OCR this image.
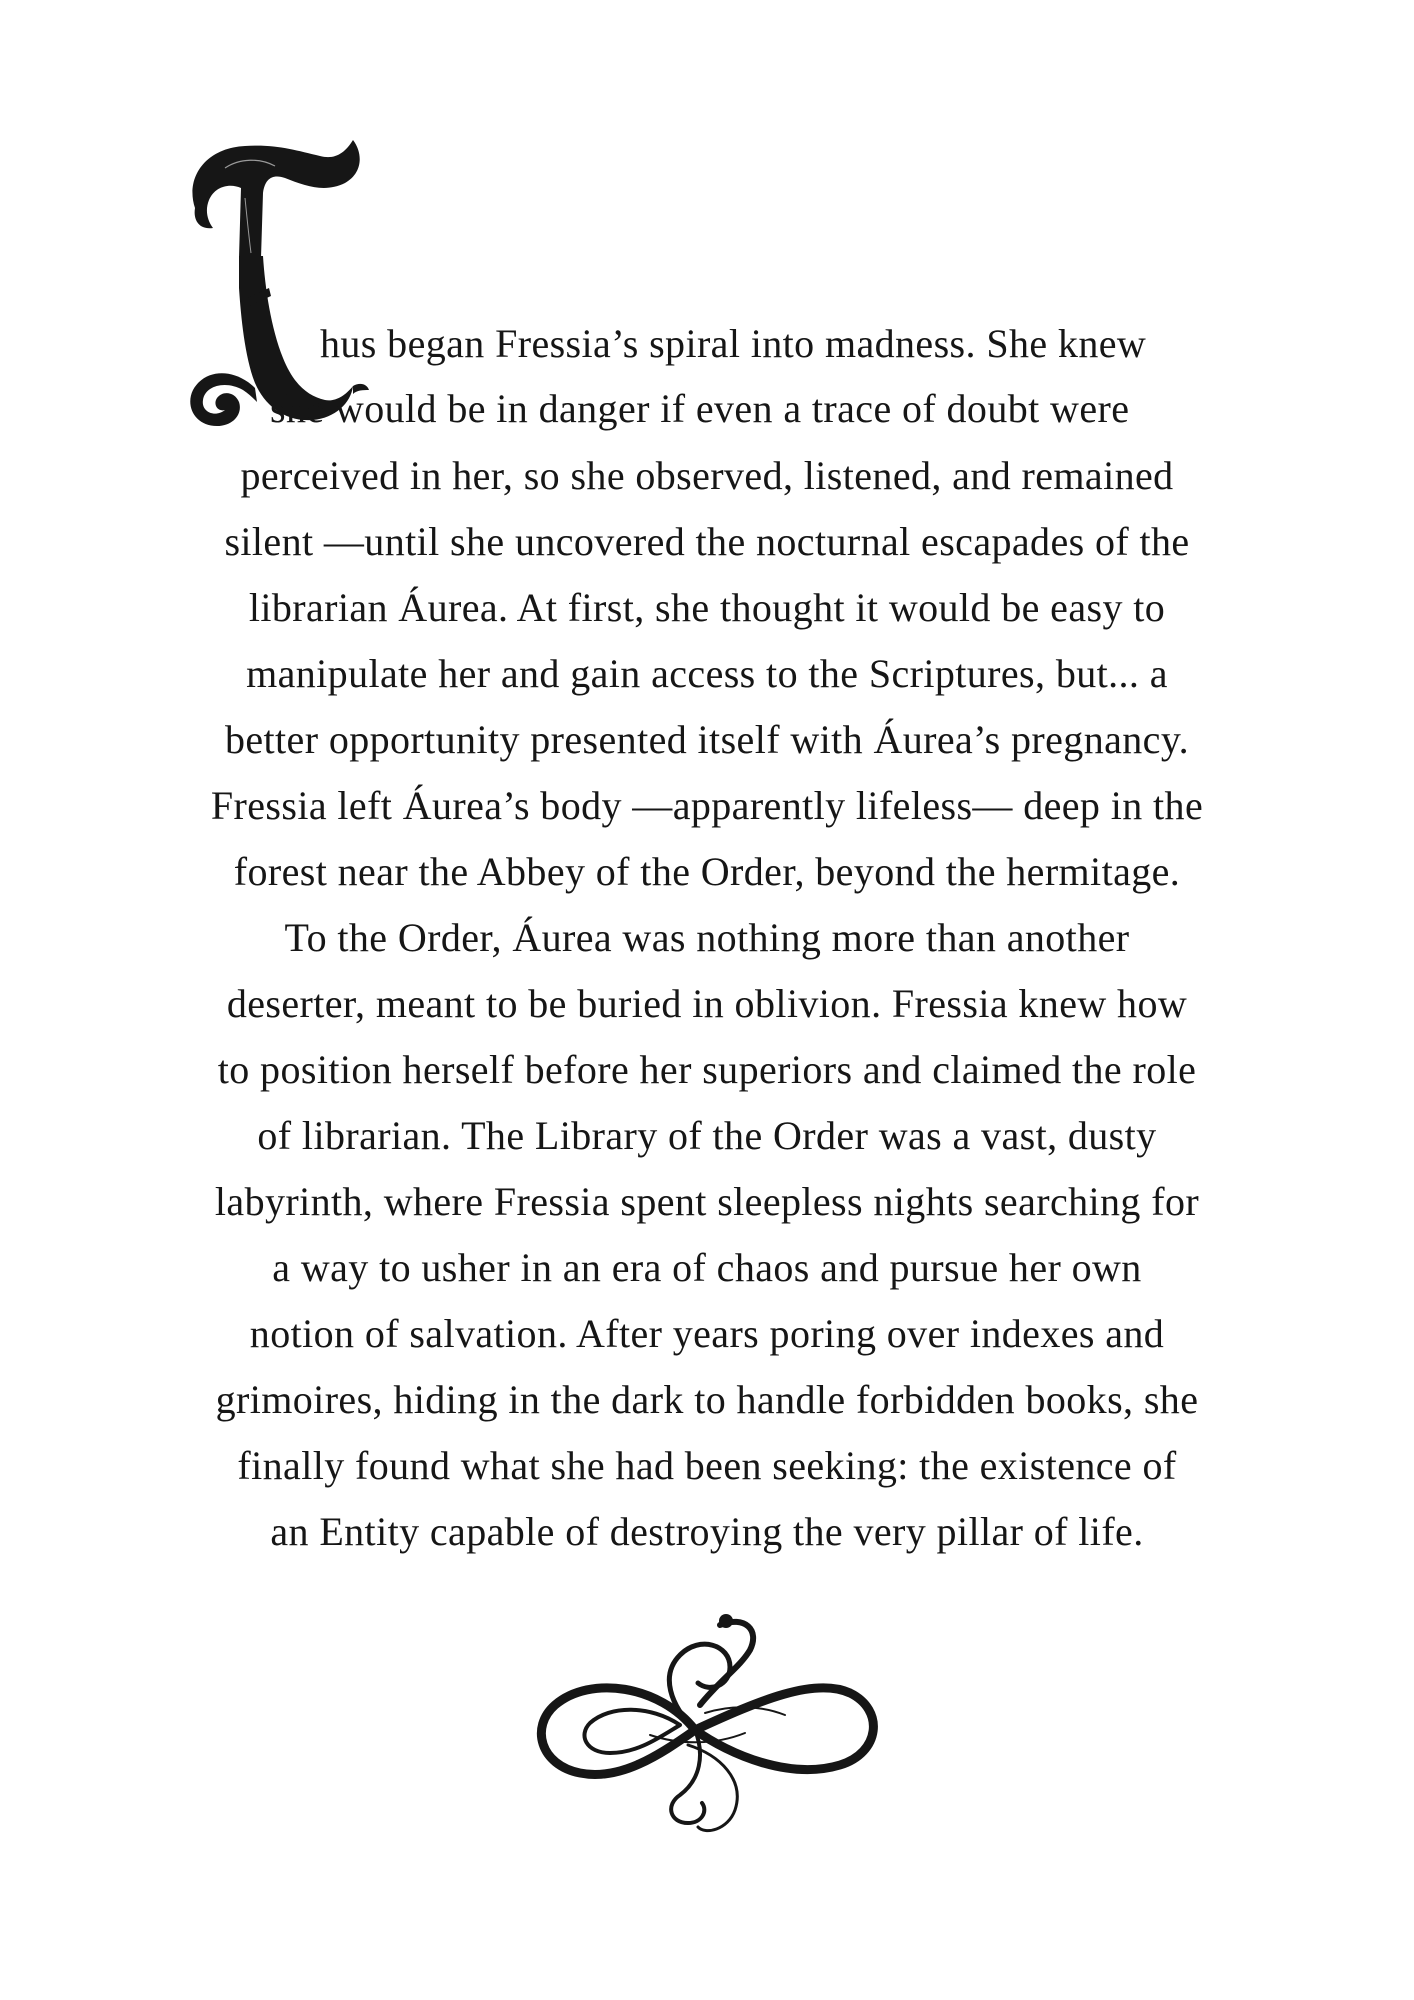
hus began Fressia’s spiral into madness. She knew
she would be in danger if even a trace of doubt were
perceived in her, so she observed, listened, and remained
silent —until she uncovered the nocturnal escapades of the
librarian Áurea. At first, she thought it would be easy to
manipulate her and gain access to the Scriptures, but... a
better opportunity presented itself with Áurea’s pregnancy.
Fressia left Áurea’s body —apparently lifeless— deep in the
forest near the Abbey of the Order, beyond the hermitage.
To the Order, Áurea was nothing more than another
deserter, meant to be buried in oblivion. Fressia knew how
to position herself before her superiors and claimed the role
of librarian. The Library of the Order was a vast, dusty
labyrinth, where Fressia spent sleepless nights searching for
a way to usher in an era of chaos and pursue her own
notion of salvation. After years poring over indexes and
grimoires, hiding in the dark to handle forbidden books, she
finally found what she had been seeking: the existence of
an Entity capable of destroying the very pillar of life.
